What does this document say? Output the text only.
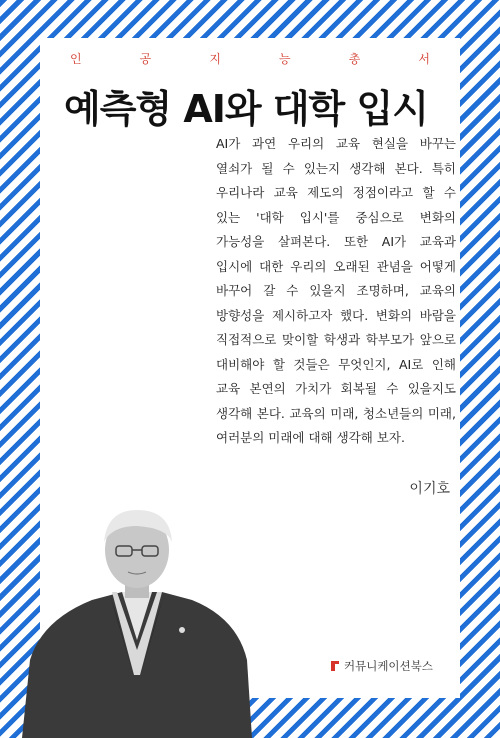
인	공	지	능	총	서
예측형 AI와 대학 입시
AI가 과연 우리의 교육 현실을 바꾸는 열쇠가 될 수 있는지 생각해 본다. 특히 우리나라 교육 제도의 정점이라고 할 수 있는 '대학 입시'를 중심으로 변화의 가능성을 살펴본다. 또한 AI가 교육과 입시에 대한 우리의 오래된 관념을 어떻게 바꾸어 갈 수 있을지 조명하며, 교육의 방향성을 제시하고자 했다. 변화의 바람을 직접적으로 맞이할 학생과 학부모가 앞으로 대비해야 할 것들은 무엇인지, AI로 인해 교육 본연의 가치가 회복될 수 있을지도 생각해 본다. 교육의 미래, 청소년들의 미래, 여러분의 미래에 대해 생각해 보자.
이기호
커뮤니케이션북스
